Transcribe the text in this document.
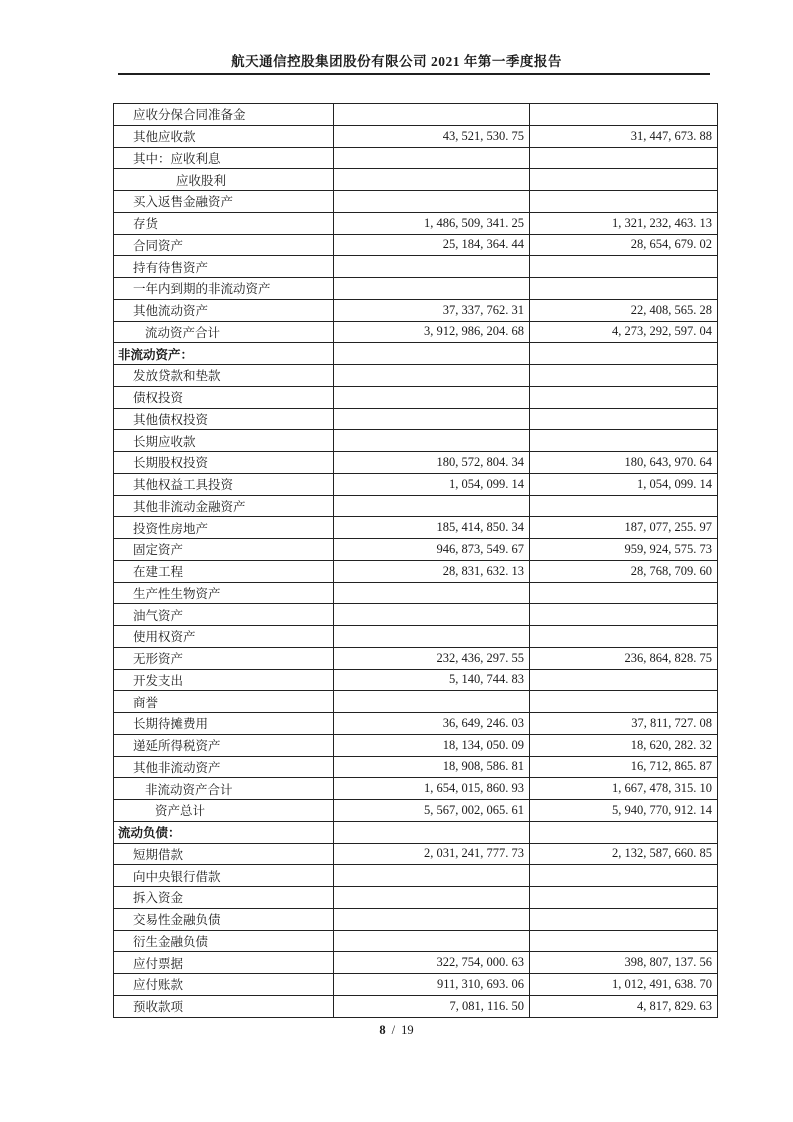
航天通信控股集团股份有限公司 2021 年第一季度报告
应收分保合同准备金		
其他应收款	43, 521, 530. 75	31, 447, 673. 88
其中：应收利息		
应收股利		
买入返售金融资产		
存货	1, 486, 509, 341. 25	1, 321, 232, 463. 13
合同资产	25, 184, 364. 44	28, 654, 679. 02
持有待售资产		
一年内到期的非流动资产		
其他流动资产	37, 337, 762. 31	22, 408, 565. 28
流动资产合计	3, 912, 986, 204. 68	4, 273, 292, 597. 04
非流动资产：		
发放贷款和垫款		
债权投资		
其他债权投资		
长期应收款		
长期股权投资	180, 572, 804. 34	180, 643, 970. 64
其他权益工具投资	1, 054, 099. 14	1, 054, 099. 14
其他非流动金融资产		
投资性房地产	185, 414, 850. 34	187, 077, 255. 97
固定资产	946, 873, 549. 67	959, 924, 575. 73
在建工程	28, 831, 632. 13	28, 768, 709. 60
生产性生物资产		
油气资产		
使用权资产		
无形资产	232, 436, 297. 55	236, 864, 828. 75
开发支出	5, 140, 744. 83	
商誉		
长期待摊费用	36, 649, 246. 03	37, 811, 727. 08
递延所得税资产	18, 134, 050. 09	18, 620, 282. 32
其他非流动资产	18, 908, 586. 81	16, 712, 865. 87
非流动资产合计	1, 654, 015, 860. 93	1, 667, 478, 315. 10
资产总计	5, 567, 002, 065. 61	5, 940, 770, 912. 14
流动负债：		
短期借款	2, 031, 241, 777. 73	2, 132, 587, 660. 85
向中央银行借款		
拆入资金		
交易性金融负债		
衍生金融负债		
应付票据	322, 754, 000. 63	398, 807, 137. 56
应付账款	911, 310, 693. 06	1, 012, 491, 638. 70
预收款项	7, 081, 116. 50	4, 817, 829. 63
8 / 19
